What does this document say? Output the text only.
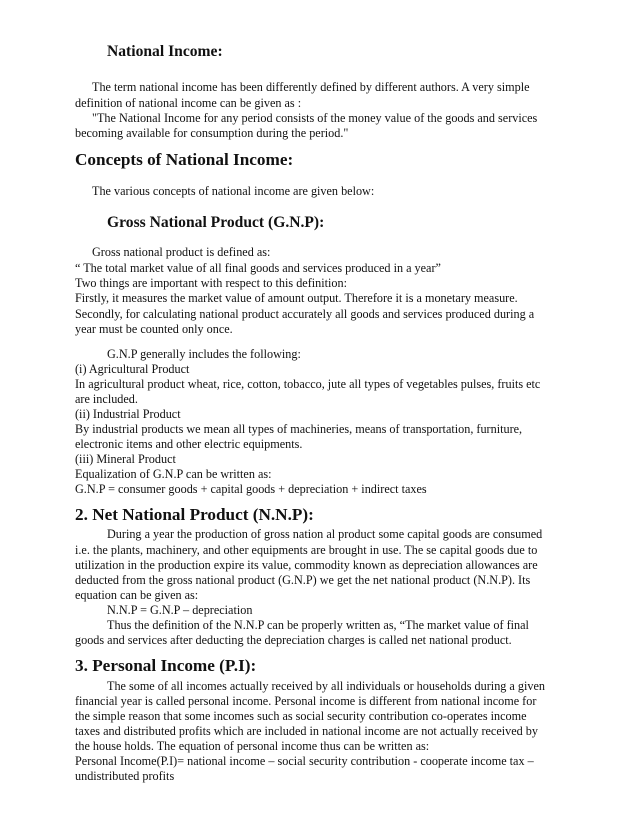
National Income:
The term national income has been differently defined by different authors. A very simple
definition of national income can be given as :
"The National Income for any period consists of the money value of the goods and services
becoming available for consumption during the period."
Concepts of National Income:
The various concepts of national income are given below:
Gross National Product (G.N.P):
Gross national product is defined as:
“ The total market value of all final goods and services produced in a year”
Two things are important with respect to this definition:
Firstly, it measures the market value of amount output. Therefore it is a monetary measure.
Secondly, for calculating national product accurately all goods and services produced during a
year must be counted only once.
G.N.P generally includes the following:
(i) Agricultural Product
In agricultural product wheat, rice, cotton, tobacco, jute all types of vegetables pulses, fruits etc
are included.
(ii) Industrial Product
By industrial products we mean all types of machineries, means of transportation, furniture,
electronic items and other electric equipments.
(iii) Mineral Product
Equalization of G.N.P can be written as:
G.N.P = consumer goods + capital goods + depreciation + indirect taxes
2. Net National Product (N.N.P):
During a year the production of gross nation al product some capital goods are consumed
i.e. the plants, machinery, and other equipments are brought in use. The se capital goods due to
utilization in the production expire its value, commodity known as depreciation allowances are
deducted from the gross national product (G.N.P) we get the net national product (N.N.P). Its
equation can be given as:
N.N.P = G.N.P – depreciation
Thus the definition of the N.N.P can be properly written as, “The market value of final
goods and services after deducting the depreciation charges is called net national product.
3. Personal Income (P.I):
The some of all incomes actually received by all individuals or households during a given
financial year is called personal income. Personal income is different from national income for
the simple reason that some incomes such as social security contribution co-operates income
taxes and distributed profits which are included in national income are not actually received by
the house holds. The equation of personal income thus can be written as:
Personal Income(P.I)= national income – social security contribution - cooperate income tax –
undistributed profits
